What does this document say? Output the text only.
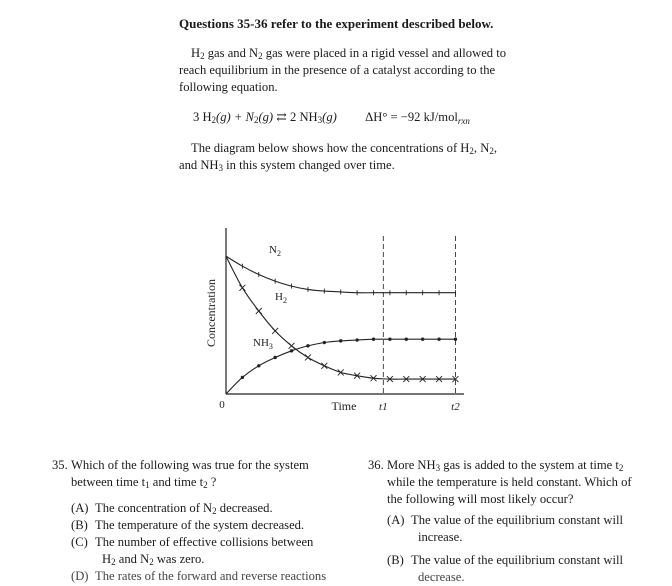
Questions 35-36 refer to the experiment described below.
$H_2$ gas and $N_2$ gas were placed in a rigid vessel and allowed to
reach equilibrium in the presence of a catalyst according to the
following equation.
3 $H_2(g) + N_2(g)$ ⇄ 2 $NH_3(g) \Delta H^\circ = -92$ kJ/mol$_{rxn}$
The diagram below shows how the concentrations of $H_2$, $N_2$,
and $NH_3$ in this system changed over time.
Concentration
Time
0	t1	t2
$N_2$
$H_2$
$NH_3$
35. Which of the following was true for the system
between time $t_1$ and time $t_2$ ?
(A) The concentration of $N_2$ decreased.
(B) The temperature of the system decreased.
(C) The number of effective collisions between
$H_2$ and $N_2$ was zero.
(D) The rates of the forward and reverse reactions
36. More $NH_3$ gas is added to the system at time $t_2$
while the temperature is held constant. Which of
the following will most likely occur?
(A) The value of the equilibrium constant will
increase.
(B) The value of the equilibrium constant will
decrease.
